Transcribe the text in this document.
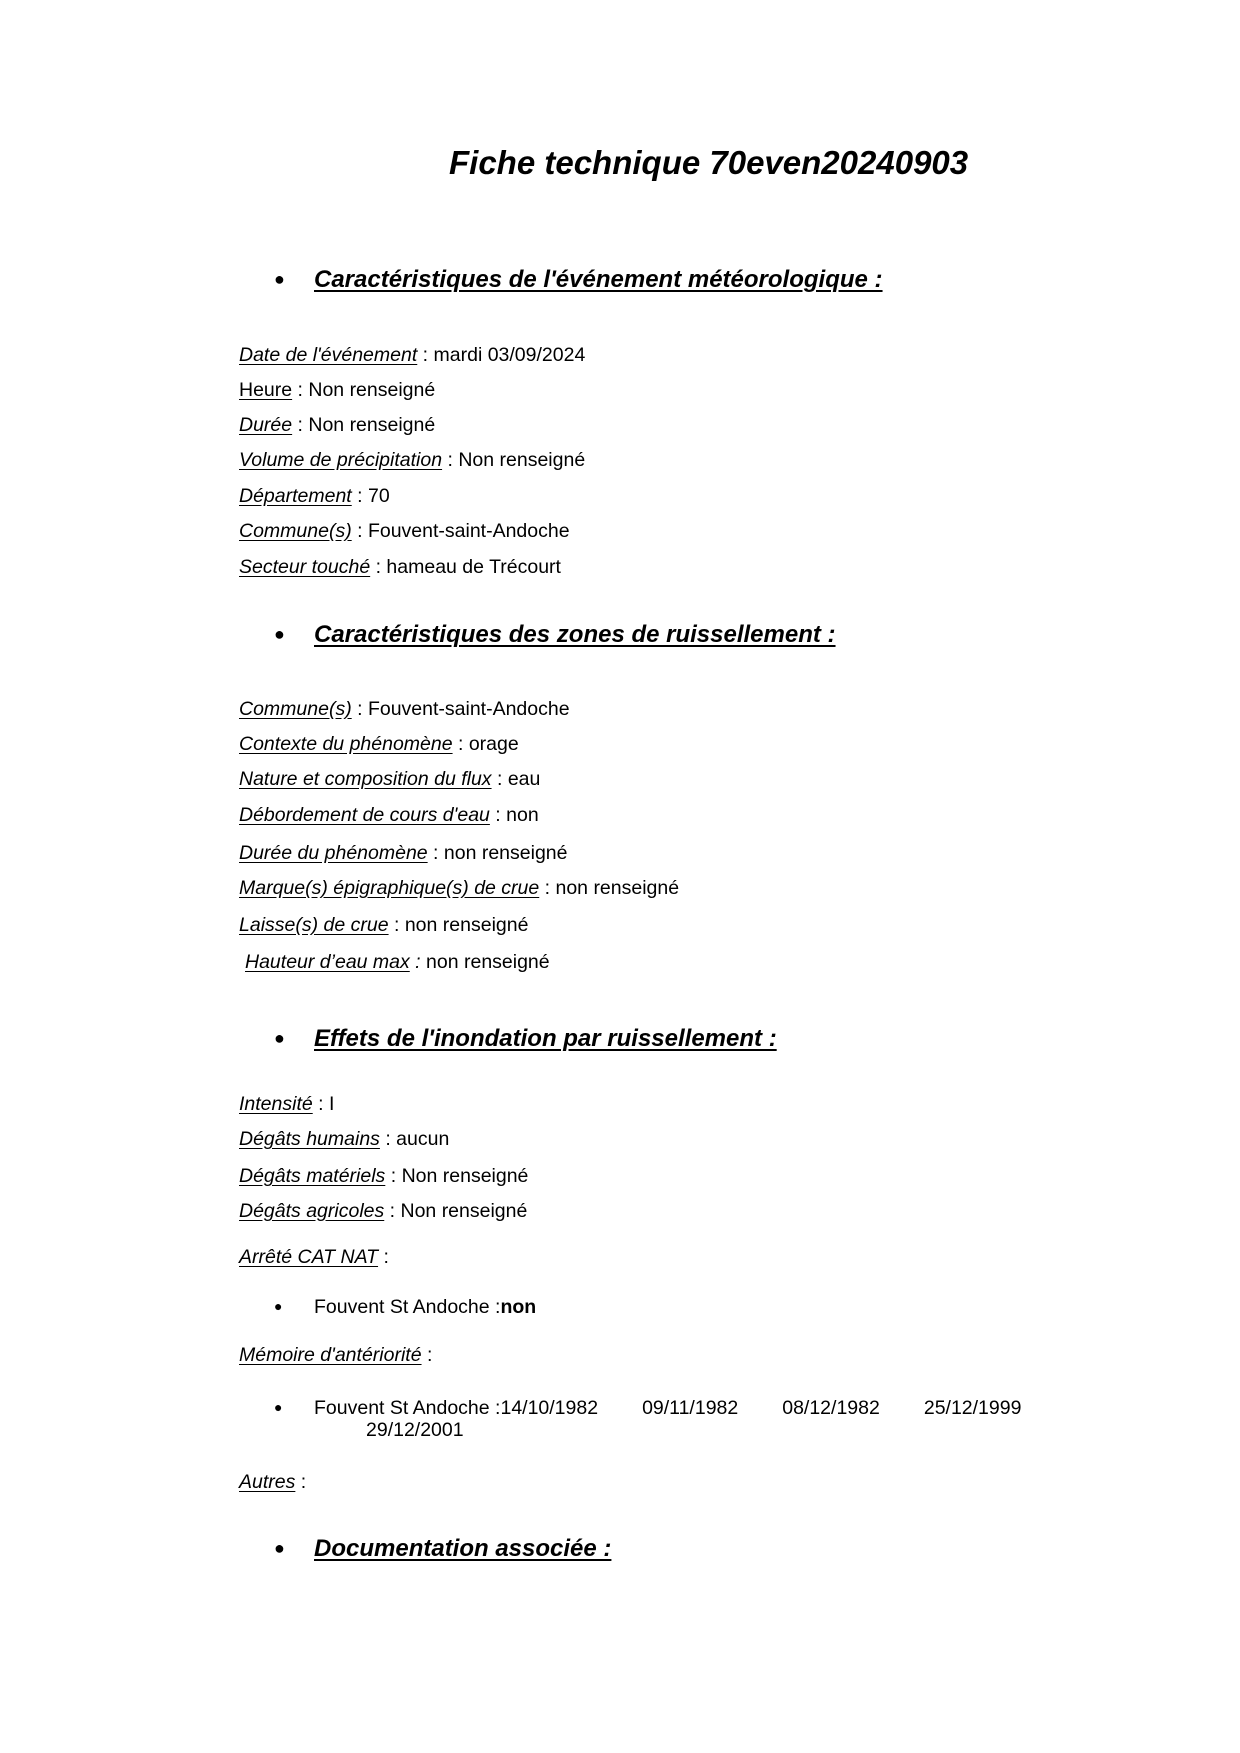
Fiche technique 70even20240903
● Caractéristiques de l'événement météorologique :
Date de l'événement : mardi 03/09/2024
Heure : Non renseigné
Durée : Non renseigné
Volume de précipitation : Non renseigné
Département : 70
Commune(s) : Fouvent-saint-Andoche
Secteur touché : hameau de Trécourt
● Caractéristiques des zones de ruissellement :
Commune(s) : Fouvent-saint-Andoche
Contexte du phénomène : orage
Nature et composition du flux : eau
Débordement de cours d'eau : non
Durée du phénomène : non renseigné
Marque(s) épigraphique(s) de crue : non renseigné
Laisse(s) de crue : non renseigné
Hauteur d’eau max : non renseigné
● Effets de l'inondation par ruissellement :
Intensité : I
Dégâts humains : aucun
Dégâts matériels : Non renseigné
Dégâts agricoles : Non renseigné
Arrêté CAT NAT :
● Fouvent St Andoche :non
Mémoire d'antériorité :
● Fouvent St Andoche :14/10/1982 09/11/1982 08/12/1982 25/12/1999
29/12/2001
Autres :
● Documentation associée :
